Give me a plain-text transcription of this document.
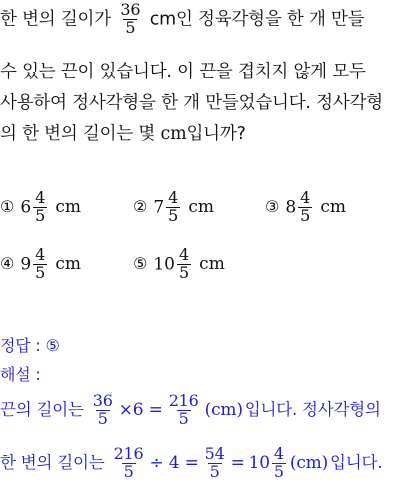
한 변의 길이가 $\frac{36}{5}$ cm인 정육각형을 한 개 만들
수 있는 끈이 있습니다. 이 끈을 겹치지 않게 모두
사용하여 정사각형을 한 개 만들었습니다. 정사각형
의 한 변의 길이는 몇 cm입니까?
① $6 \frac{4}{5}$ cm	② $7 \frac{4}{5}$ cm	③ $8 \frac{4}{5}$ cm
④ $9 \frac{4}{5}$ cm	⑤ $10 \frac{4}{5}$ cm
정답 : ⑤
해설 :
끈의 길이는 $\frac{36}{5} \times 6 = \frac{216}{5} (cm)$ 입니다. 정사각형의
한 변의 길이는 $\frac{216}{5} \div 4 = \frac{54}{5} = 10 \frac{4}{5} (cm)$ 입니다.
